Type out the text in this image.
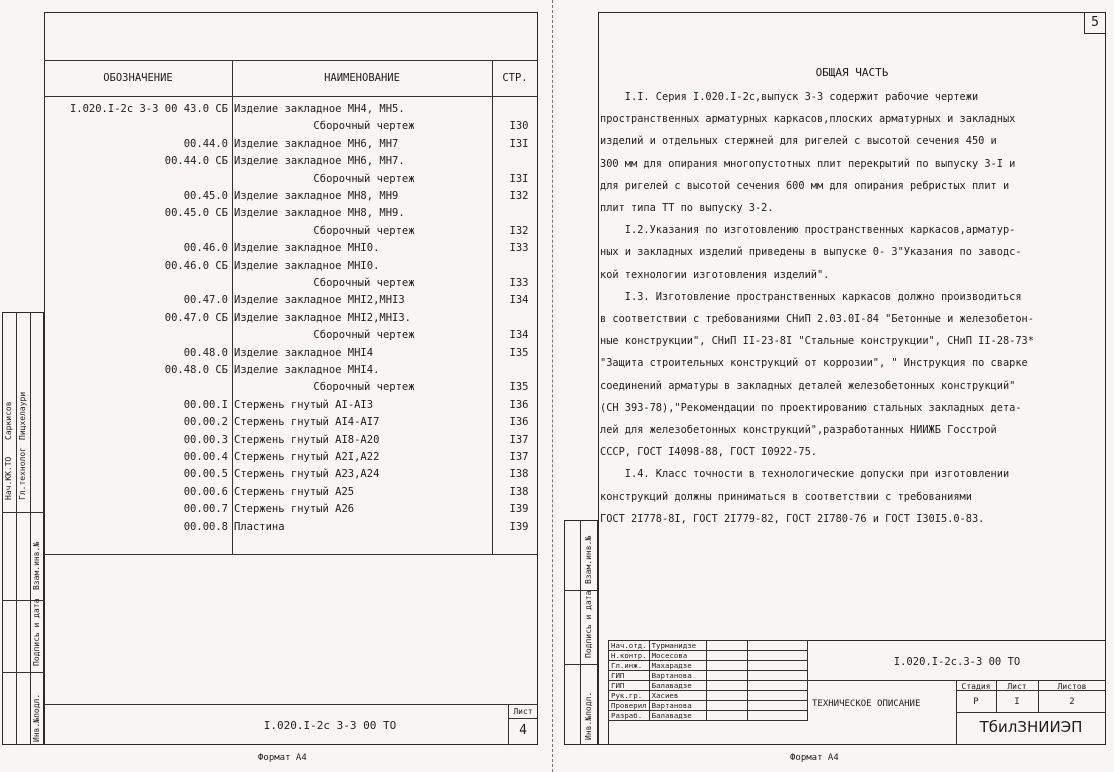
ОБОЗНАЧЕНИЕ	НАИМЕНОВАНИЕ	СТР.
I.020.I-2с 3-3 00 43.0 СБ Изделие закладное МН4, МН5.
Сборочный чертеж	I30
00.44.0 Изделие закладное МН6, МН7	I3I
00.44.0 СБ Изделие закладное МН6, МН7.
Сборочный чертеж	I3I
00.45.0 Изделие закладное МН8, МН9	I32
00.45.0 СБ Изделие закладное МН8, МН9.
Сборочный чертеж	I32
00.46.0 Изделие закладное МНI0.	I33
00.46.0 СБ Изделие закладное МНI0.
Сборочный чертеж	I33
00.47.0 Изделие закладное МНI2,МНI3	I34
00.47.0 СБ Изделие закладное МНI2,МНI3.
Сборочный чертеж	I34
00.48.0 Изделие закладное МНI4	I35
00.48.0 СБ Изделие закладное МНI4.
Сборочный чертеж	I35
00.00.I Стержень гнутый АI-АI3	I36
00.00.2 Стержень гнутый АI4-АI7	I36
00.00.3 Стержень гнутый АI8-А20	I37
00.00.4 Стержень гнутый А2I,А22	I37
00.00.5 Стержень гнутый А23,А24	I38
00.00.6 Стержень гнутый А25	I38
00.00.7 Стержень гнутый А26	I39
00.00.8 Пластина	I39
I.020.I-2с 3-3 00 ТО
Лист
4
Нач.КК.ТО Гл.технолог
Саркисов Пицхелаури
Взам.инв.№
Подпись и дата
Инв.№подл.
Формат А4
5
ОБЩАЯ ЧАСТЬ
I.I. Серия I.020.I-2с,выпуск 3-3 содержит рабочие чертежи
пространственных арматурных каркасов,плоских арматурных и закладных
изделий и отдельных стержней для ригелей с высотой сечения 450 и
300 мм для опирания многопустотных плит перекрытий по выпуску 3-I и
для ригелей с высотой сечения 600 мм для опирания ребристых плит и
плит типа ТТ по выпуску 3-2.
I.2.Указания по изготовлению пространственных каркасов,арматур-
ных и закладных изделий приведены в выпуске 0- 3"Указания по заводс-
кой технологии изготовления изделий".
I.3. Изготовление пространственных каркасов должно производиться
в соответствии с требованиями СНиП 2.03.0I-84 "Бетонные и железобетон-
ные конструкции", СНиП II-23-8I "Стальные конструкции", СНиП II-28-73*
"Защита строительных конструкций от коррозии", " Инструкция по сварке
соединений арматуры в закладных деталей железобетонных конструкций"
(СН 393-78),"Рекомендации по проектированию стальных закладных дета-
лей для железобетонных конструкций",разработанных НИИЖБ Госстрой
СССР, ГОСТ I4098-88, ГОСТ I0922-75.
I.4. Класс точности в технологические допуски при изготовлении
конструкций должны приниматься в соответствии с требованиями
ГОСТ 2I778-8I, ГОСТ 2I779-82, ГОСТ 2I780-76 и ГОСТ I30I5.0-83.
Взам.инв.№
Подпись и дата
Инв.№подл.
Нач.отд.	Турманидзе		
Н.контр.	Мосесова		
Гл.инж.	Махарадзе		
ГИП	Вартанова		
ГИП	Балавадзе		
Рук.гр.	Хасиев		
Проверил	Вартанова		
Разраб.	Балавадзе		
I.020.I-2с.3-3 00 ТО
ТЕХНИЧЕСКОЕ ОПИСАНИЕ
Стадия	Лист	Листов
Р	I	2
ТбилЗНИИЭП
Формат А4
